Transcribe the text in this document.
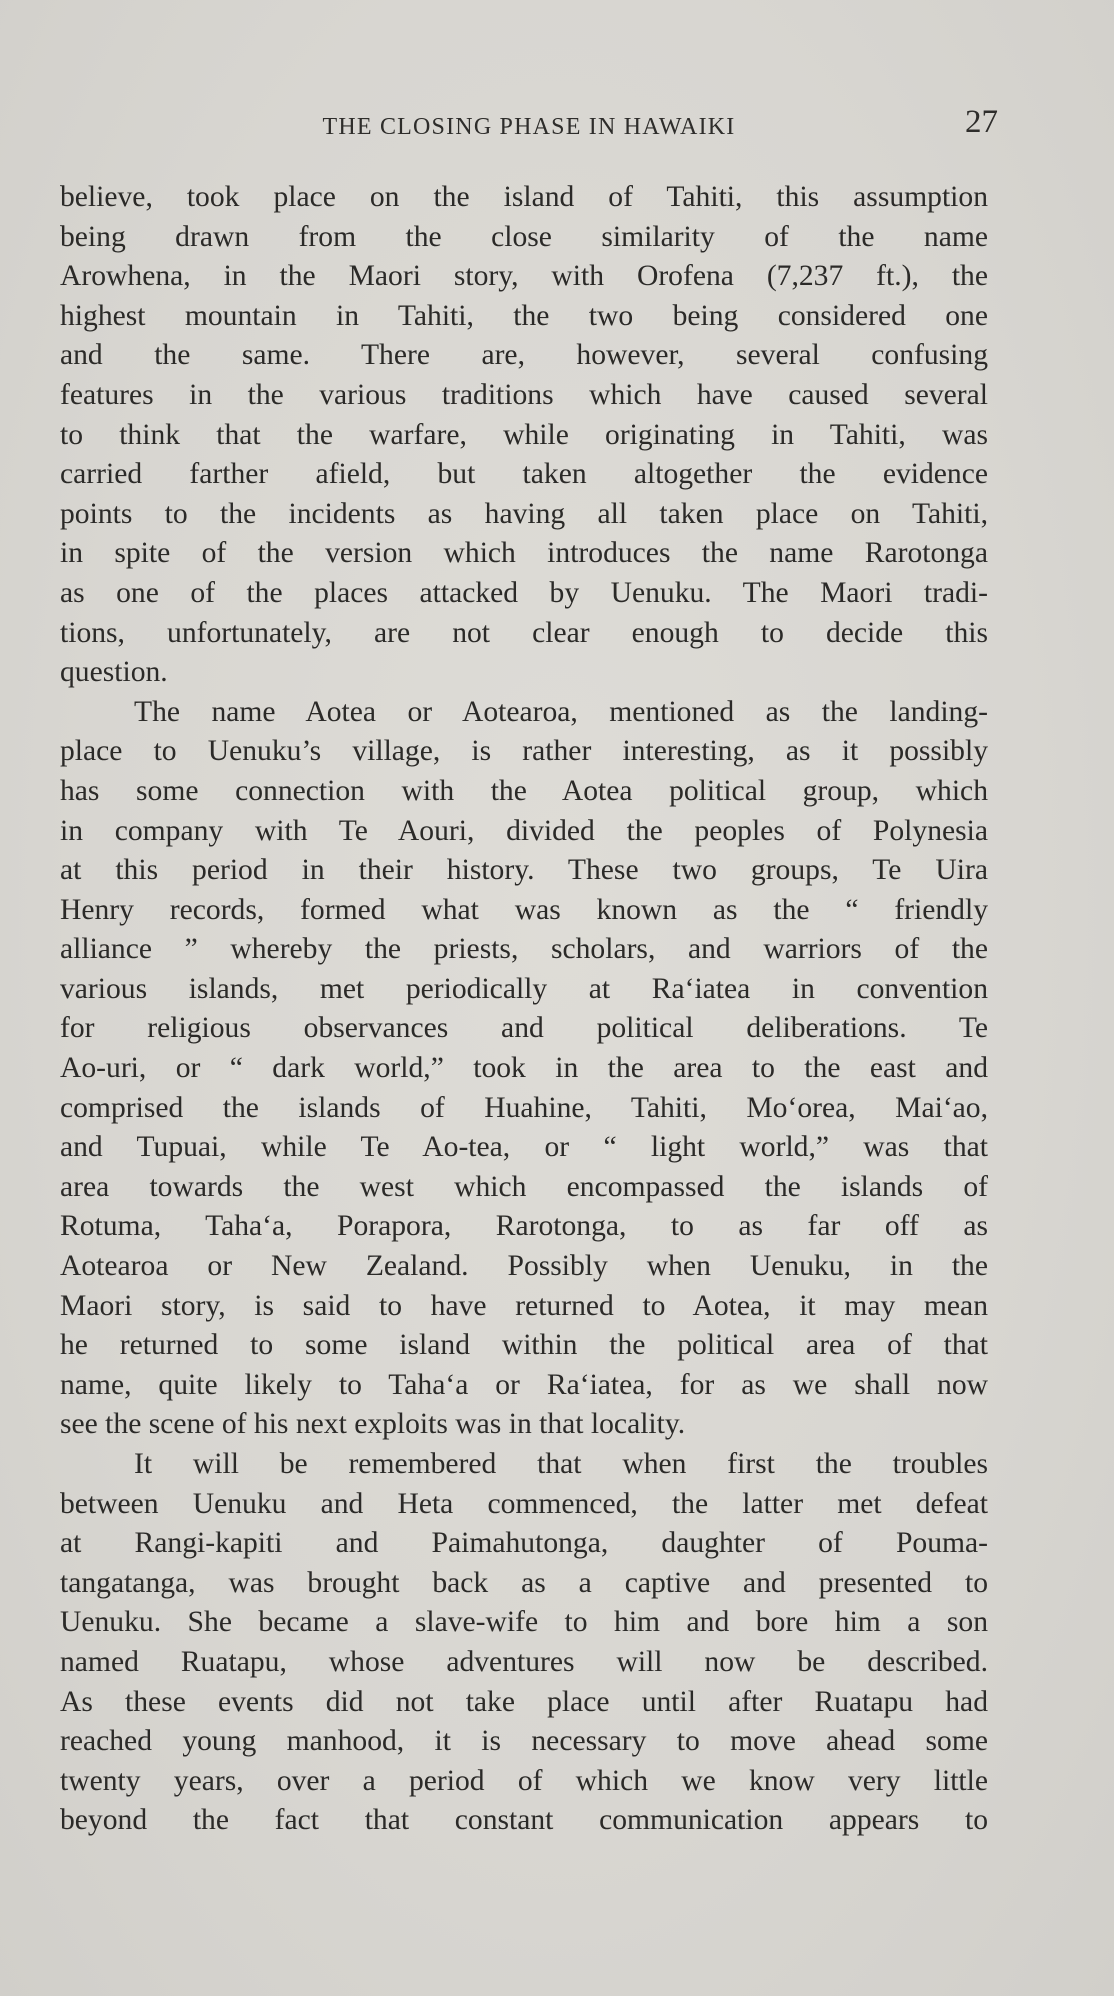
THE CLOSING PHASE IN HAWAIKI	27
believe, took place on the island of Tahiti, this assumption
being drawn from the close similarity of the name
Arowhena, in the Maori story, with Orofena (7,237 ft.), the
highest mountain in Tahiti, the two being considered one
and the same. There are, however, several confusing
features in the various traditions which have caused several
to think that the warfare, while originating in Tahiti, was
carried farther afield, but taken altogether the evidence
points to the incidents as having all taken place on Tahiti,
in spite of the version which introduces the name Rarotonga
as one of the places attacked by Uenuku. The Maori tradi-
tions, unfortunately, are not clear enough to decide this
question.
The name Aotea or Aotearoa, mentioned as the landing-
place to Uenuku’s village, is rather interesting, as it possibly
has some connection with the Aotea political group, which
in company with Te Aouri, divided the peoples of Polynesia
at this period in their history. These two groups, Te Uira
Henry records, formed what was known as the “ friendly
alliance ” whereby the priests, scholars, and warriors of the
various islands, met periodically at Ra‘iatea in convention
for religious observances and political deliberations. Te
Ao-uri, or “ dark world,” took in the area to the east and
comprised the islands of Huahine, Tahiti, Mo‘orea, Mai‘ao,
and Tupuai, while Te Ao-tea, or “ light world,” was that
area towards the west which encompassed the islands of
Rotuma, Taha‘a, Porapora, Rarotonga, to as far off as
Aotearoa or New Zealand. Possibly when Uenuku, in the
Maori story, is said to have returned to Aotea, it may mean
he returned to some island within the political area of that
name, quite likely to Taha‘a or Ra‘iatea, for as we shall now
see the scene of his next exploits was in that locality.
It will be remembered that when first the troubles
between Uenuku and Heta commenced, the latter met defeat
at Rangi-kapiti and Paimahutonga, daughter of Pouma-
tangatanga, was brought back as a captive and presented to
Uenuku. She became a slave-wife to him and bore him a son
named Ruatapu, whose adventures will now be described.
As these events did not take place until after Ruatapu had
reached young manhood, it is necessary to move ahead some
twenty years, over a period of which we know very little
beyond the fact that constant communication appears to
